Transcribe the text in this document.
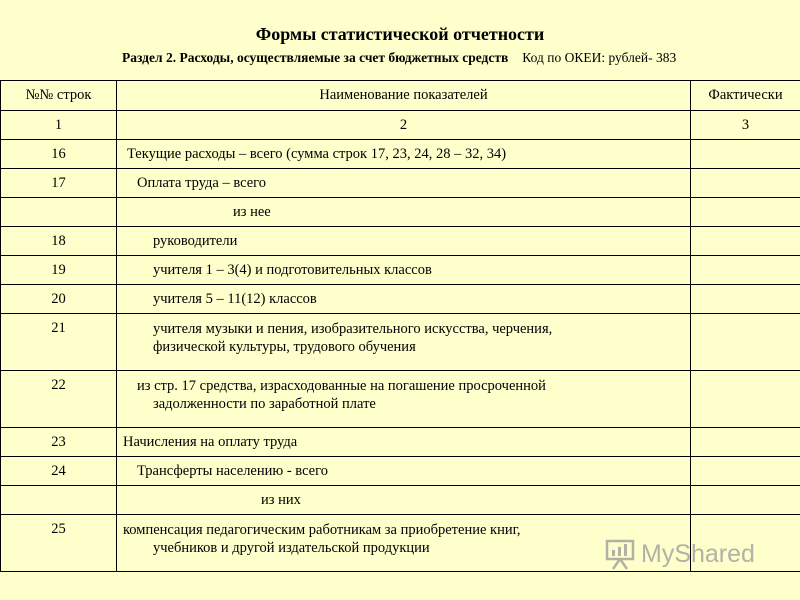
Формы статистической отчетности
Раздел 2. Расходы, осуществляемые за счет бюджетных средств Код по ОКЕИ: рублей- 383
№№ строк	Наименование показателей	Фактически
1	2	3
16	Текущие расходы – всего (сумма строк 17, 23, 24, 28 – 32, 34)	
17	Оплата труда – всего	
	из нее	
18	руководители	
19	учителя 1 – 3(4) и подготовительных классов	
20	учителя 5 – 11(12) классов	
21	учителя музыки и пения, изобразительного искусства, черчения,
физической культуры, трудового обучения	

22	из стр. 17 средства, израсходованные на погашение просроченной
задолженности по заработной плате	

23	Начисления на оплату труда	
24	Трансферты населению - всего	
	из них	
25	компенсация педагогическим работникам за приобретение книг,
учебников и другой издательской продукции	
		MyShared
